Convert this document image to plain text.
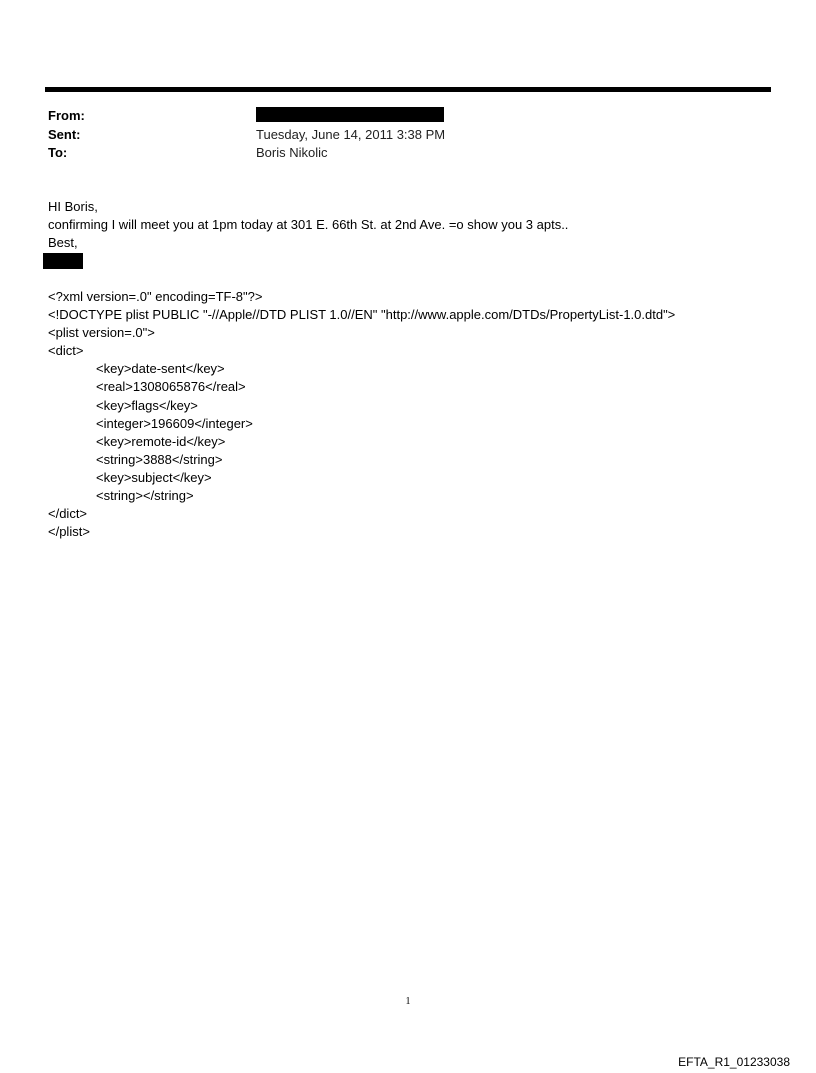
From:
Sent:	Tuesday, June 14, 2011 3:38 PM
To:	Boris Nikolic
HI Boris,
confirming I will meet you at 1pm today at 301 E. 66th St. at 2nd Ave. =o show you 3 apts..
Best,
<?xml version=.0" encoding=TF-8"?>
<!DOCTYPE plist PUBLIC "-//Apple//DTD PLIST 1.0//EN" "http://www.apple.com/DTDs/PropertyList-1.0.dtd">
<plist version=.0">
<dict>
<key>date-sent</key>
<real>1308065876</real>
<key>flags</key>
<integer>196609</integer>
<key>remote-id</key>
<string>3888</string>
<key>subject</key>
<string></string>
</dict>
</plist>
1
EFTA_R1_01233038
